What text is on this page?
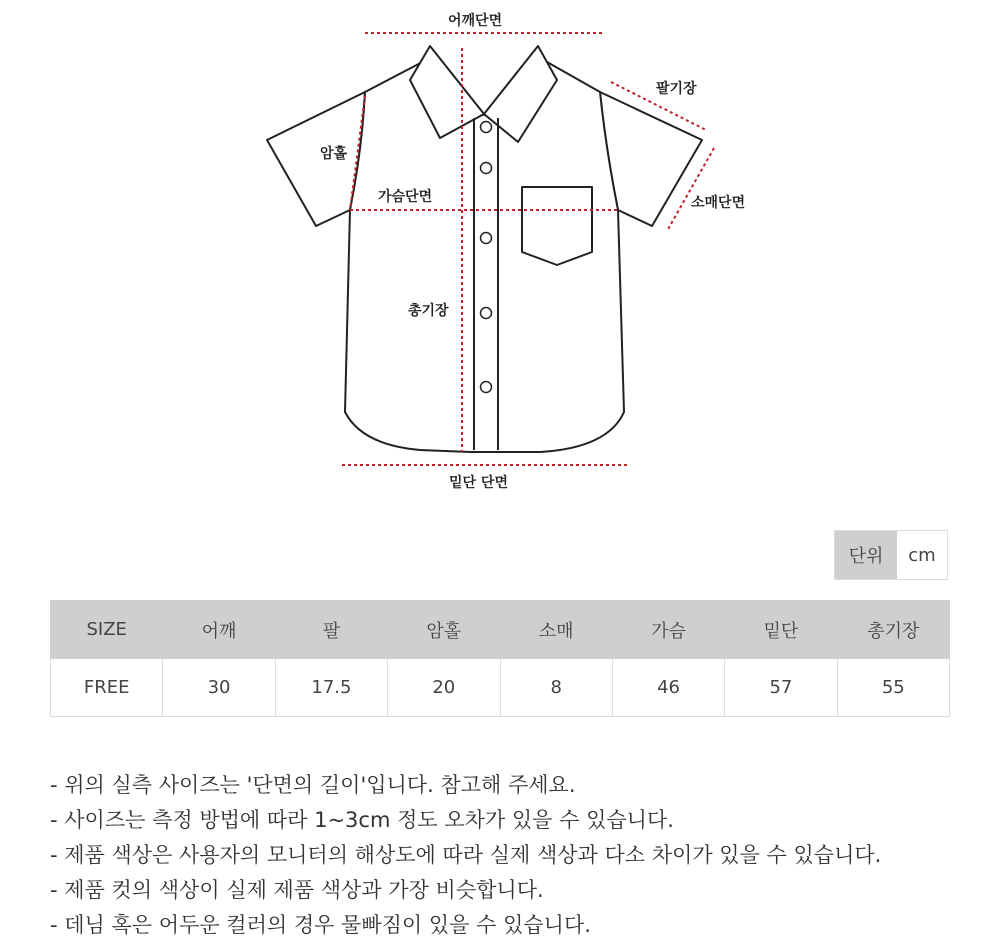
어깨단면
팔기장
암홀
가슴단면	소매단면
총기장
밑단 단면
단위	cm
SIZE	어깨	팔	암홀	소매	가슴	밑단	총기장
FREE	30	17.5	20	8	46	57	55
- 위의 실측 사이즈는 '단면의 길이'입니다. 참고해 주세요.
- 사이즈는 측정 방법에 따라 1~3cm 정도 오차가 있을 수 있습니다.
- 제품 색상은 사용자의 모니터의 해상도에 따라 실제 색상과 다소 차이가 있을 수 있습니다.
- 제품 컷의 색상이 실제 제품 색상과 가장 비슷합니다.
- 데님 혹은 어두운 컬러의 경우 물빠짐이 있을 수 있습니다.
